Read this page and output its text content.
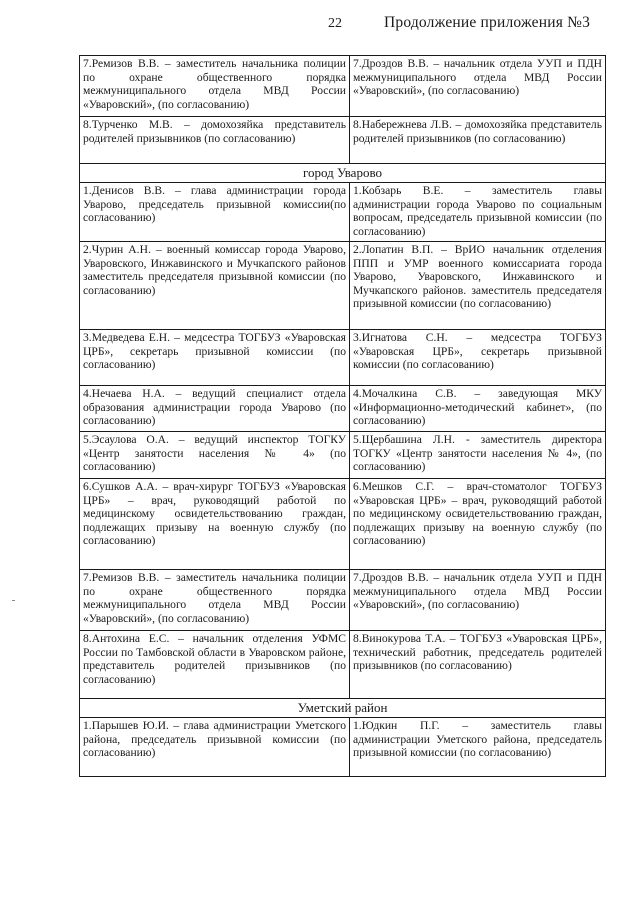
22	Продолжение приложения №3
7.Ремизов В.В. – заместитель начальника полиции по охране общественного порядка межмуниципального отдела МВД России «Уваровский», (по согласованию)	7.Дроздов В.В. – начальник отдела УУП и ПДН межмуниципального отдела МВД России «Уваровский», (по согласованию)
8.Турченко М.В. – домохозяйка представитель родителей призывников (по согласованию)	8.Набережнева Л.В. – домохозяйка представитель родителей призывников (по согласованию)
город Уварово	
1.Денисов В.В. – глава администрации города Уварово, председатель призывной комиссии(по согласованию)	1.Кобзарь В.Е. – заместитель главы администрации города Уварово по социальным вопросам, председатель призывной комиссии (по согласованию)
2.Чурин А.Н. – военный комиссар города Уварово, Уваровского, Инжавинского и Мучкапского районов заместитель председателя призывной комиссии (по согласованию)	2.Лопатин В.П. – ВрИО начальник отделения ППП и УМР военного комиссариата города Уварово, Уваровского, Инжавинского и Мучкапского районов. заместитель председателя призывной комиссии (по согласованию)
3.Медведева Е.Н. – медсестра ТОГБУЗ «Уваровская ЦРБ», секретарь призывной комиссии (по согласованию)	3.Игнатова С.Н. – медсестра ТОГБУЗ «Уваровская ЦРБ», секретарь призывной комиссии (по согласованию)
4.Нечаева Н.А. – ведущий специалист отдела образования администрации города Уварово (по согласованию)	4.Мочалкина С.В. – заведующая МКУ «Информационно-методический кабинет», (по согласованию)
5.Эсаулова О.А. – ведущий инспектор ТОГКУ «Центр занятости населения № 4» (по согласованию)	5.Щербашина Л.Н. - заместитель директора ТОГКУ «Центр занятости населения № 4», (по согласованию)
6.Сушков А.А. – врач-хирург ТОГБУЗ «Уваровская ЦРБ» – врач, руководящий работой по медицинскому освидетельствованию граждан, подлежащих призыву на военную службу (по согласованию)	6.Мешков С.Г. – врач-стоматолог ТОГБУЗ «Уваровская ЦРБ» – врач, руководящий работой по медицинскому освидетельствованию граждан, подлежащих призыву на военную службу (по согласованию)
7.Ремизов В.В. – заместитель начальника полиции по охране общественного порядка межмуниципального отдела МВД России «Уваровский», (по согласованию)	7.Дроздов В.В. – начальник отдела УУП и ПДН межмуниципального отдела МВД России «Уваровский», (по согласованию)
8.Антохина Е.С. – начальник отделения УФМС России по Тамбовской области в Уваровском районе, представитель родителей призывников (по согласованию)	8.Винокурова Т.А. – ТОГБУЗ «Уваровская ЦРБ», технический работник, председатель родителей призывников (по согласованию)
Уметский район	
1.Парышев Ю.И. – глава администрации Уметского района, председатель призывной комиссии (по согласованию)	1.Юдкин П.Г. – заместитель главы администрации Уметского района, председатель призывной комиссии (по согласованию)
